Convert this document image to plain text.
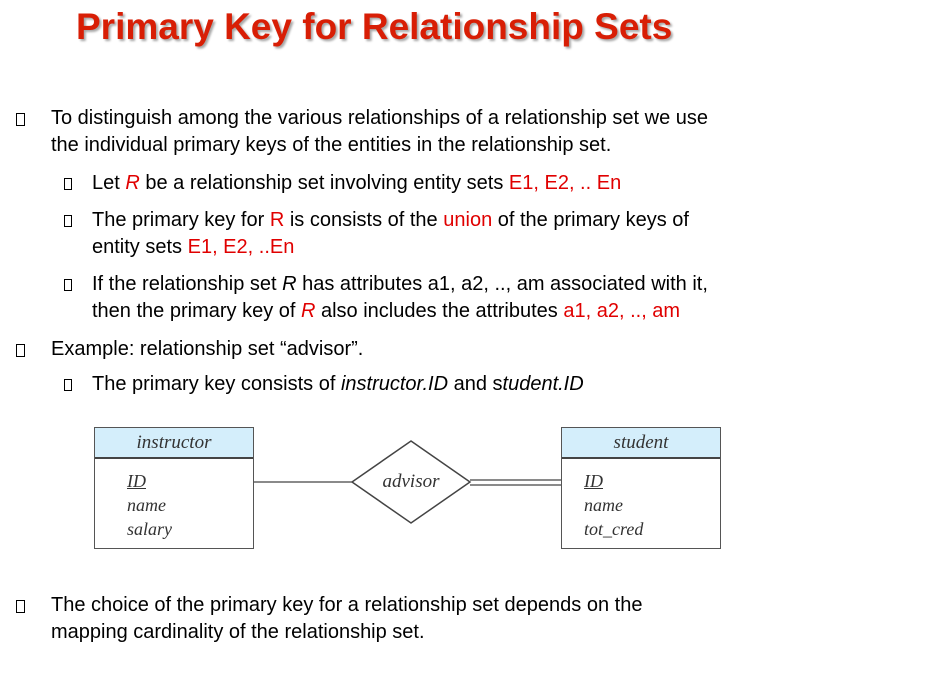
Primary Key for Relationship Sets
To distinguish among the various relationships of a relationship set we use
the individual primary keys of the entities in the relationship set.
Let R be a relationship set involving entity sets E1, E2, .. En
The primary key for R is consists of the union of the primary keys of
entity sets E1, E2, ..En
If the relationship set R has attributes a1, a2, .., am associated with it,
then the primary key of R also includes the attributes a1, a2, .., am
Example: relationship set “advisor”.
The primary key consists of instructor.ID and student.ID
advisor
instructor
ID
name
salary
student
ID
name
tot_cred
The choice of the primary key for a relationship set depends on the
mapping cardinality of the relationship set.
